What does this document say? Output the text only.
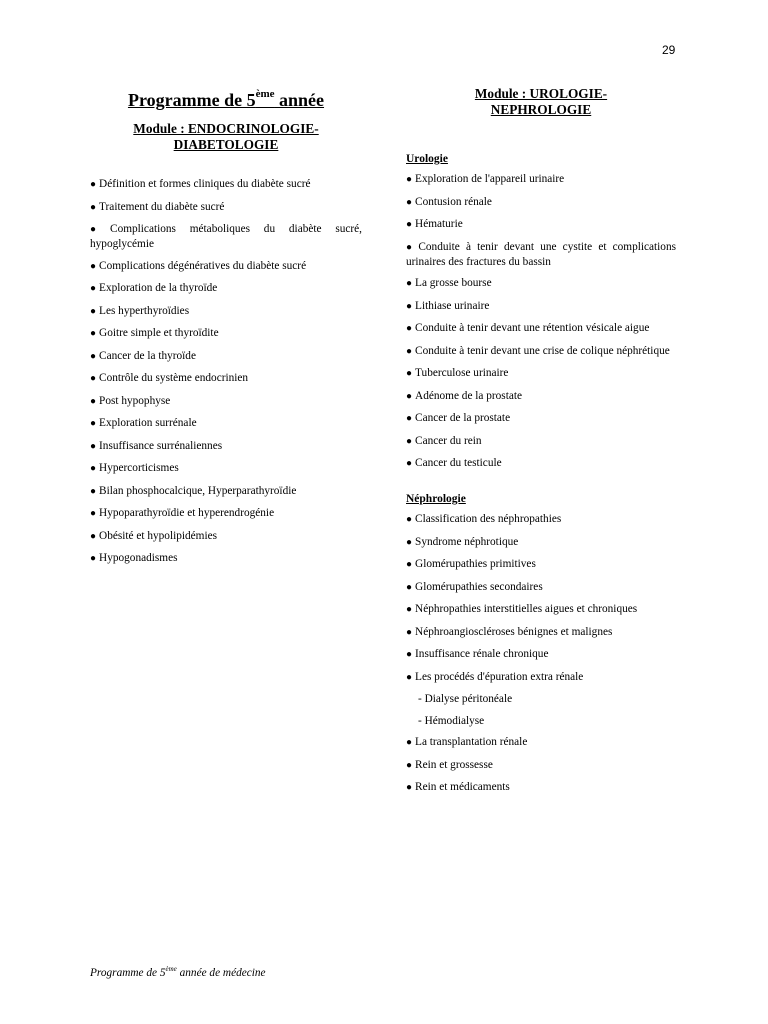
29
Programme de 5ème année
Module : ENDOCRINOLOGIE-
DIABETOLOGIE
● Définition et formes cliniques du diabète sucré
● Traitement du diabète sucré
● Complications métaboliques du diabète sucré, hypoglycémie
● Complications dégénératives du diabète sucré
● Exploration de la thyroïde
● Les hyperthyroïdies
● Goitre simple et thyroïdite
● Cancer de la thyroïde
● Contrôle du système endocrinien
● Post hypophyse
● Exploration surrénale
● Insuffisance surrénaliennes
● Hypercorticismes
● Bilan phosphocalcique, Hyperparathyroïdie
● Hypoparathyroïdie et hyperendrogénie
● Obésité et hypolipidémies
● Hypogonadismes
Module : UROLOGIE-
NEPHROLOGIE
Urologie
● Exploration de l'appareil urinaire
● Contusion rénale
● Hématurie
● Conduite à tenir devant une cystite et complications urinaires des fractures du bassin
● La grosse bourse
● Lithiase urinaire
● Conduite à tenir devant une rétention vésicale aigue
● Conduite à tenir devant une crise de colique néphrétique
● Tuberculose urinaire
● Adénome de la prostate
● Cancer de la prostate
● Cancer du rein
● Cancer du testicule
Néphrologie
● Classification des néphropathies
● Syndrome néphrotique
● Glomérupathies primitives
● Glomérupathies secondaires
● Néphropathies interstitielles aigues et chroniques
● Néphroangioscléroses bénignes et malignes
● Insuffisance rénale chronique
● Les procédés d'épuration extra rénale
- Dialyse péritonéale
- Hémodialyse
● La transplantation rénale
● Rein et grossesse
● Rein et médicaments
Programme de 5ème année de médecine
